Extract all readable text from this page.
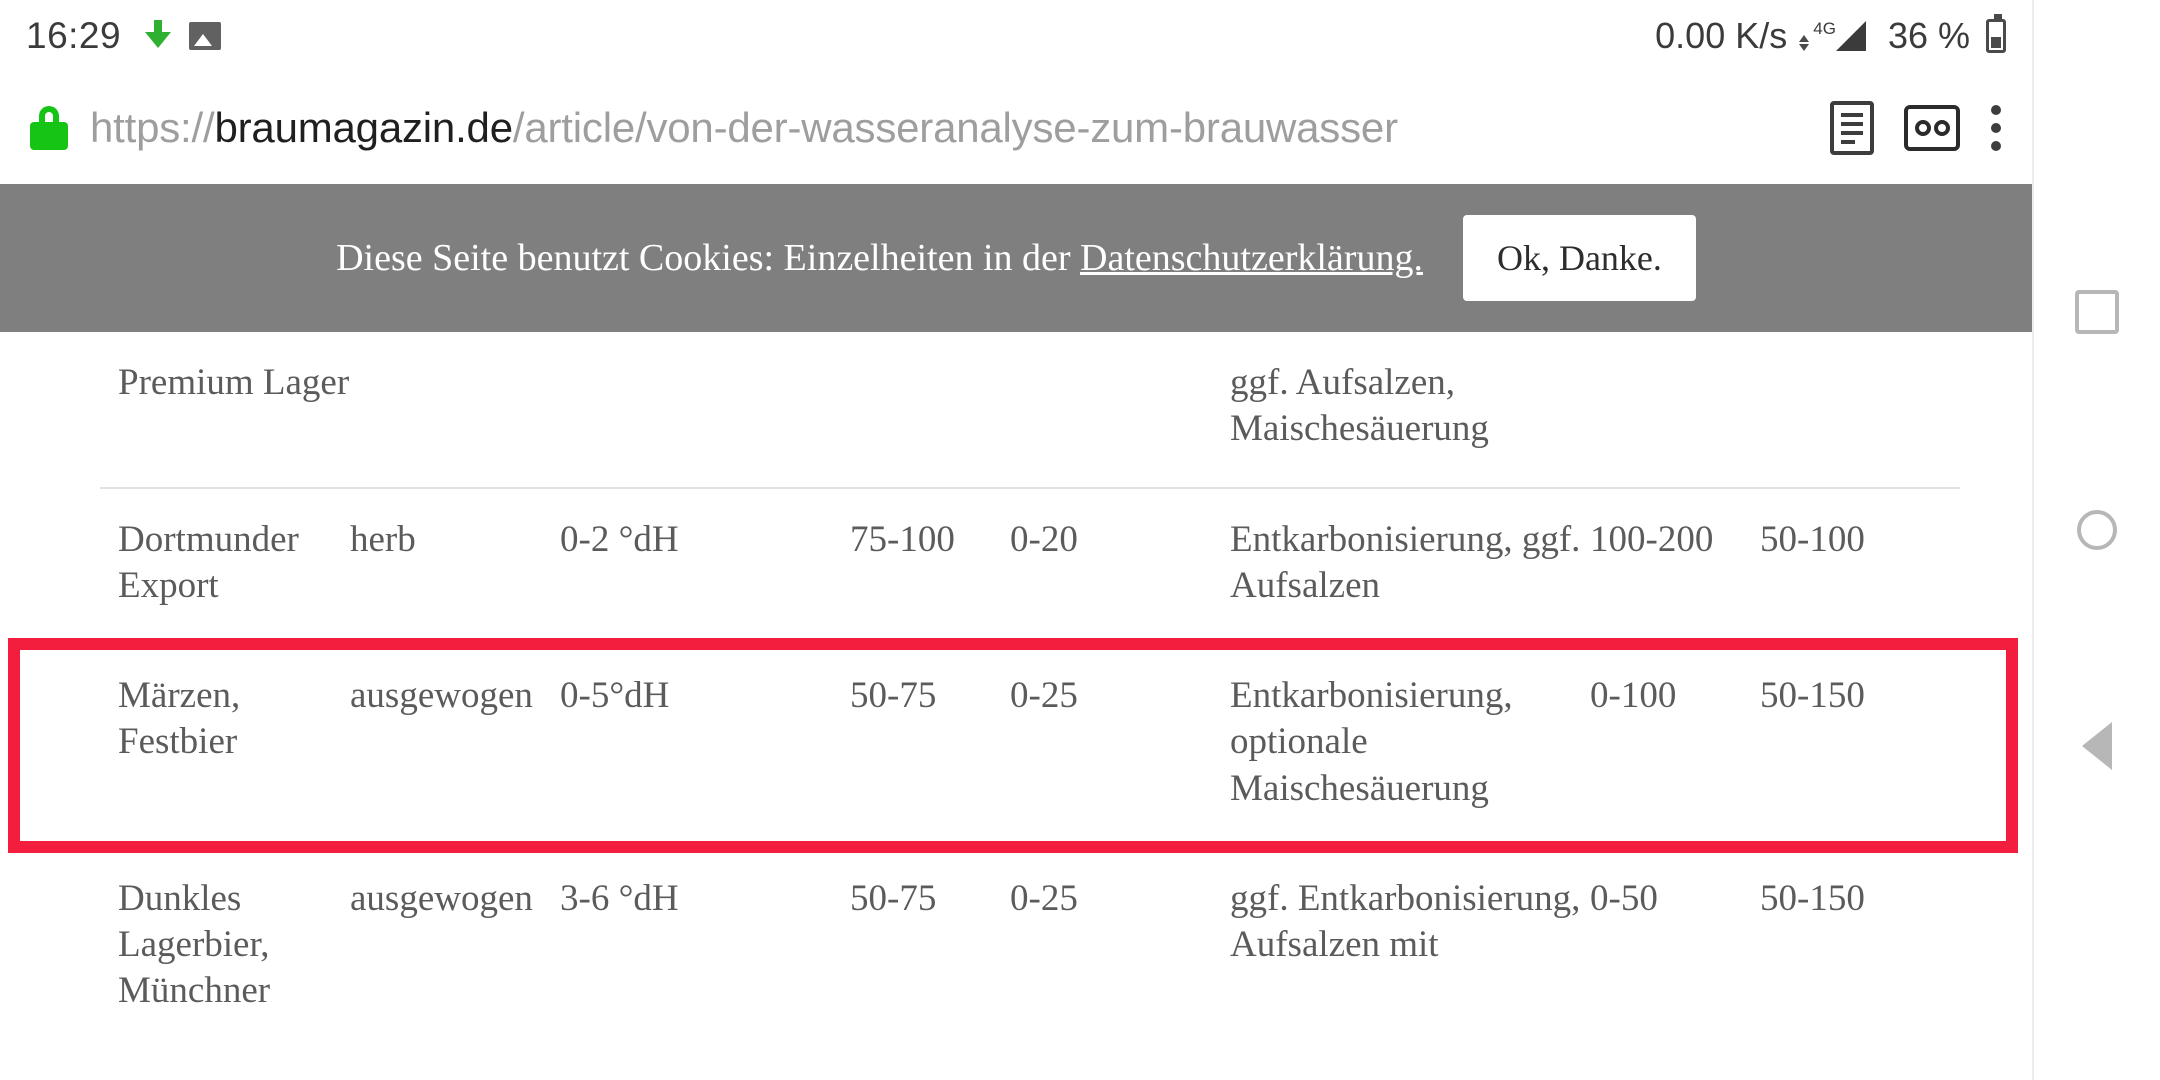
16:29	0.00 K/s 4G 36 %
https://braumagazin.de/article/von-der-wasseranalyse-zum-brauwasser
Diese Seite benutzt Cookies: Einzelheiten in der Datenschutzerklärung.	Ok, Danke.
Premium Lager					ggf. Aufsalzen, Maischesäuerung		
Dortmunder Export	herb	0-2 °dH	75-100	0-20	Entkarbonisierung, ggf. Aufsalzen	100-200	50-100
Märzen, Festbier	ausgewogen	0-5°dH	50-75	0-25	Entkarbonisierung, optionale Maischesäuerung	0-100	50-150
Dunkles Lagerbier, Münchner	ausgewogen	3-6 °dH	50-75	0-25	ggf. Entkarbonisierung, Aufsalzen mit	0-50	50-150
